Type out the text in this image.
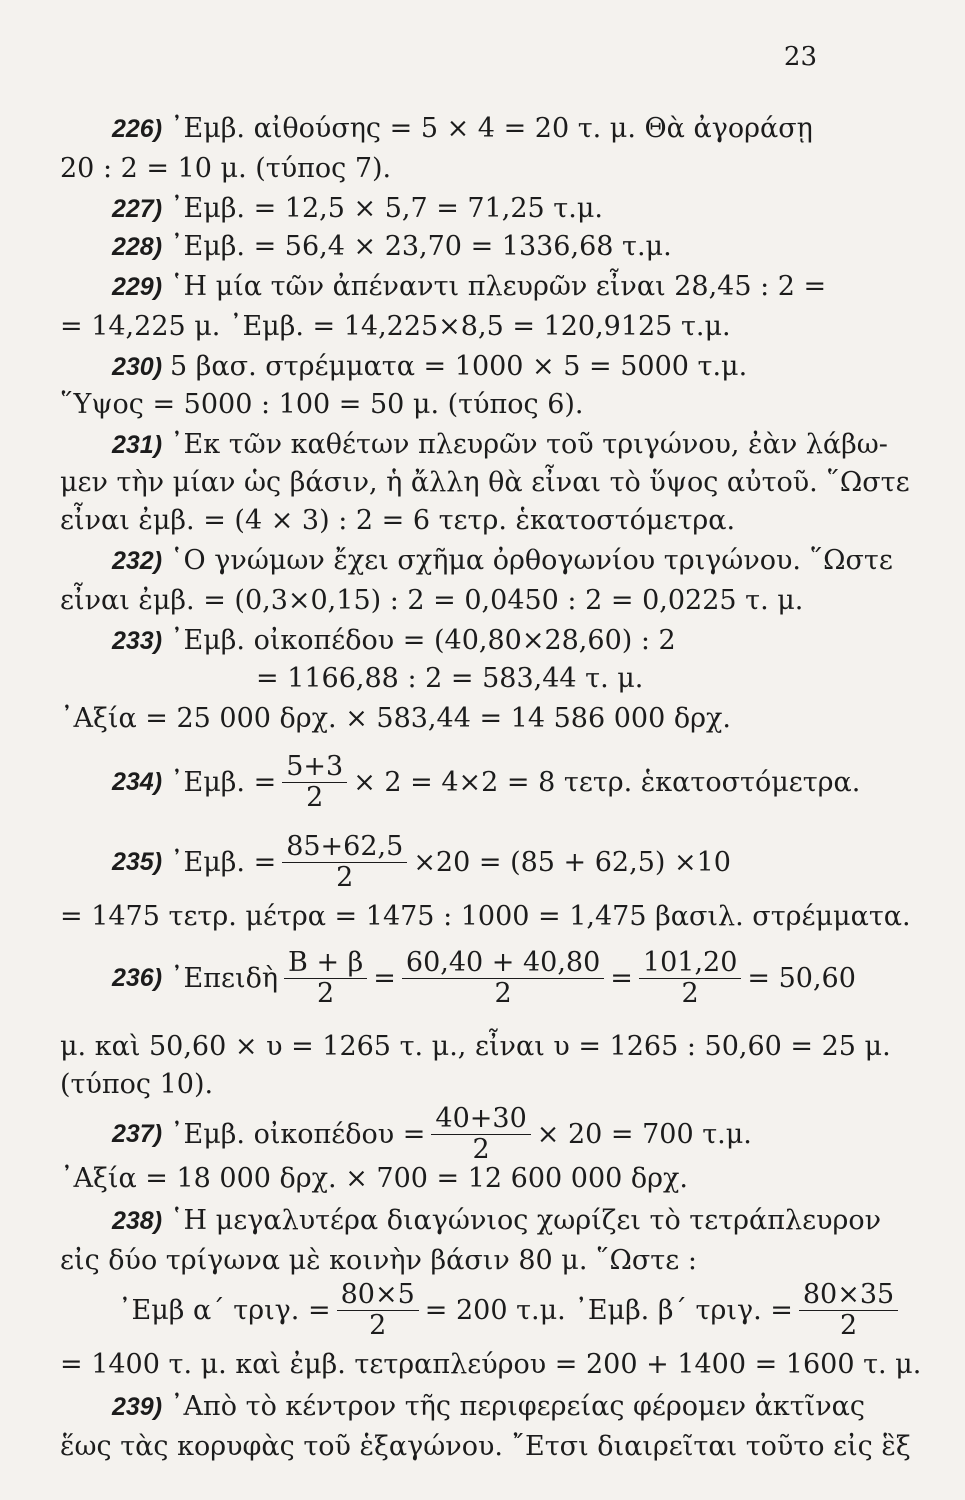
23
226) ᾿Εμβ. αἰθούσης = 5 × 4 = 20 τ. μ. Θὰ ἀγοράσῃ
20 : 2 = 10 μ. (τύπος 7).
227) ᾿Εμβ. = 12,5 × 5,7 = 71,25 τ.μ.
228) ᾿Εμβ. = 56,4 × 23,70 = 1336,68 τ.μ.
229) ῾Η μία τῶν ἀπέναντι πλευρῶν εἶναι 28,45 : 2 =
= 14,225 μ. ᾿Εμβ. = 14,225×8,5 = 120,9125 τ.μ.
230) 5 βασ. στρέμματα = 1000 × 5 = 5000 τ.μ.
῞Υψος = 5000 : 100 = 50 μ. (τύπος 6).
231) ᾿Εκ τῶν καθέτων πλευρῶν τοῦ τριγώνου, ἐὰν λάβω-
μεν τὴν μίαν ὡς βάσιν, ἡ ἄλλη θὰ εἶναι τὸ ὕψος αὐτοῦ. ῞Ωστε
εἶναι ἐμβ. = (4 × 3) : 2 = 6 τετρ. ἑκατοστόμετρα.
232) ῾Ο γνώμων ἔχει σχῆμα ὀρθογωνίου τριγώνου. ῞Ωστε
εἶναι ἐμβ. = (0,3×0,15) : 2 = 0,0450 : 2 = 0,0225 τ. μ.
233) ᾿Εμβ. οἰκοπέδου = (40,80×28,60) : 2
= 1166,88 : 2 = 583,44 τ. μ.
᾿Αξία = 25 000 δρχ. × 583,44 = 14 586 000 δρχ.
234) ᾿Εμβ. = $\frac{5+3}{2} \times 2 = 4\times 2 = 8$ τετρ. ἑκατοστόμετρα.
235) ᾿Εμβ. = $\frac{85+62,5}{2} \times 20 = (85 + 62,5) \times 10$
= 1475 τετρ. μέτρα = 1475 : 1000 = 1,475 βασιλ. στρέμματα.
236) ᾿Επειδὴ $\frac{B + \beta}{2} = \frac{60,40 + 40,80}{2} = \frac{101,20}{2} = 50,60$
μ. καὶ 50,60 × υ = 1265 τ. μ., εἶναι υ = 1265 : 50,60 = 25 μ.
(τύπος 10).
237) ᾿Εμβ. οἰκοπέδου = $\frac{40+30}{2} \times 20 = 700$ τ.μ.
᾿Αξία = 18 000 δρχ. × 700 = 12 600 000 δρχ.
238) ῾Η μεγαλυτέρα διαγώνιος χωρίζει τὸ τετράπλευρον
εἰς δύο τρίγωνα μὲ κοινὴν βάσιν 80 μ. ῞Ωστε :
᾿Εμβ α΄ τριγ. = $\frac{80\times 5}{2} = 200$ τ.μ. ᾿Εμβ. β΄ τριγ. = $\frac{80\times 35}{2}$
= 1400 τ. μ. καὶ ἐμβ. τετραπλεύρου = 200 + 1400 = 1600 τ. μ.
239) ᾿Απὸ τὸ κέντρον τῆς περιφερείας φέρομεν ἀκτῖνας
ἕως τὰς κορυφὰς τοῦ ἑξαγώνου. ῎Ετσι διαιρεῖται τοῦτο εἰς ἓξ
